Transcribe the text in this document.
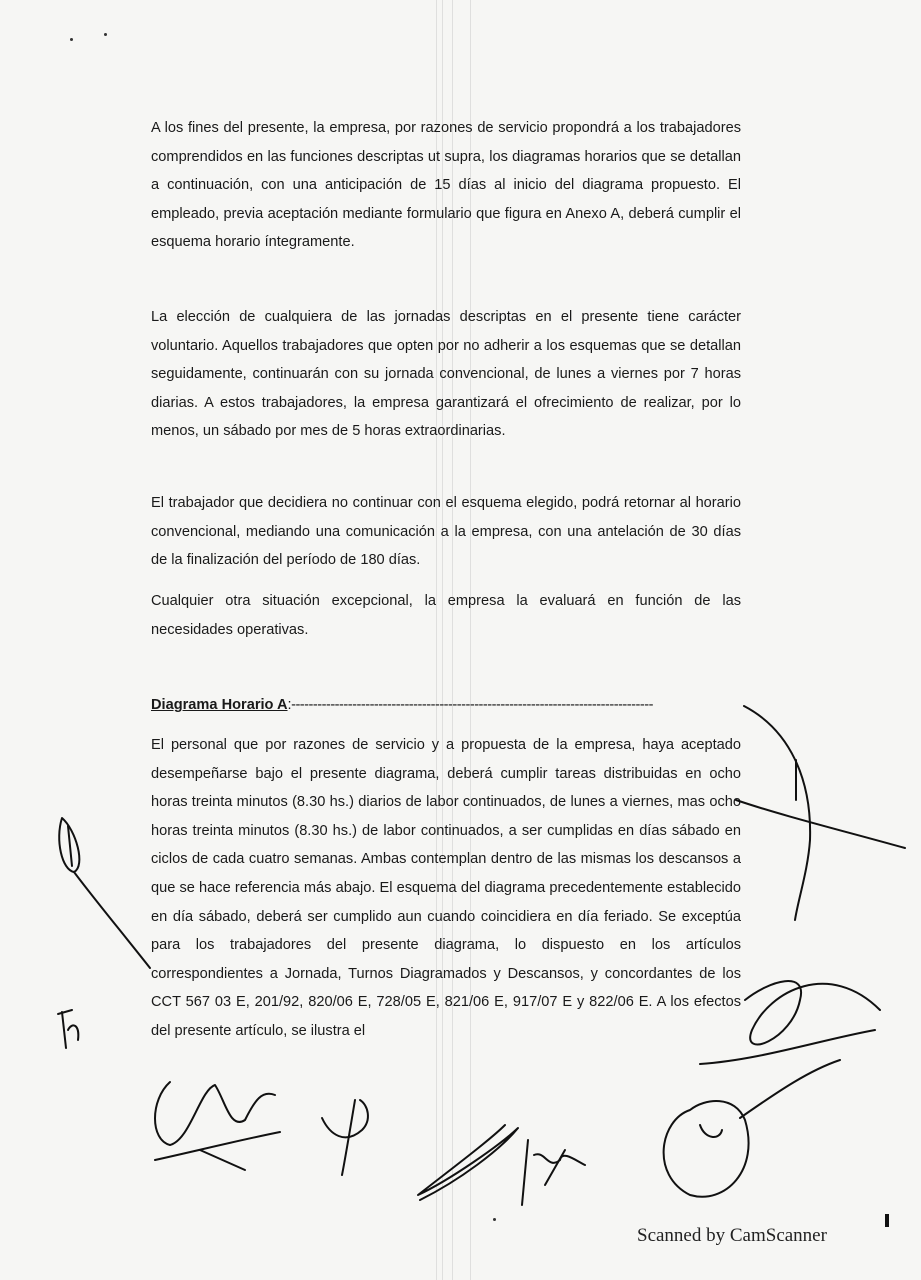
A los fines del presente, la empresa, por razones de servicio propondrá a los trabajadores comprendidos en las funciones descriptas ut supra, los diagramas horarios que se detallan a continuación, con una anticipación de 15 días al inicio del diagrama propuesto. El empleado, previa aceptación mediante formulario que figura en Anexo A, deberá cumplir el esquema horario íntegramente.

La elección de cualquiera de las jornadas descriptas en el presente tiene carácter voluntario. Aquellos trabajadores que opten por no adherir a los esquemas que se detallan seguidamente, continuarán con su jornada convencional, de lunes a viernes por 7 horas diarias. A estos trabajadores, la empresa garantizará el ofrecimiento de realizar, por lo menos, un sábado por mes de 5 horas extraordinarias.

El trabajador que decidiera no continuar con el esquema elegido, podrá retornar al horario convencional, mediando una comunicación a la empresa, con una antelación de 30 días de la finalización del período de 180 días.

Cualquier otra situación excepcional, la empresa la evaluará en función de las necesidades operativas.

Diagrama Horario A:-----------------------------------------------------------------------------------

El personal que por razones de servicio y a propuesta de la empresa, haya aceptado desempeñarse bajo el presente diagrama, deberá cumplir tareas distribuidas en ocho horas treinta minutos (8.30 hs.) diarios de labor continuados, de lunes a viernes, mas ocho horas treinta minutos (8.30 hs.) de labor continuados, a ser cumplidas en días sábado en ciclos de cada cuatro semanas. Ambas contemplan dentro de las mismas los descansos a que se hace referencia más abajo. El esquema del diagrama precedentemente establecido en día sábado, deberá ser cumplido aun cuando coincidiera en día feriado. Se exceptúa para los trabajadores del presente diagrama, lo dispuesto en los artículos correspondientes a Jornada, Turnos Diagramados y Descansos, y concordantes de los CCT 567 03 E, 201/92, 820/06 E, 728/05 E, 821/06 E, 917/07 E y 822/06 E. A los efectos del presente artículo, se ilustra el

Scanned by CamScanner
